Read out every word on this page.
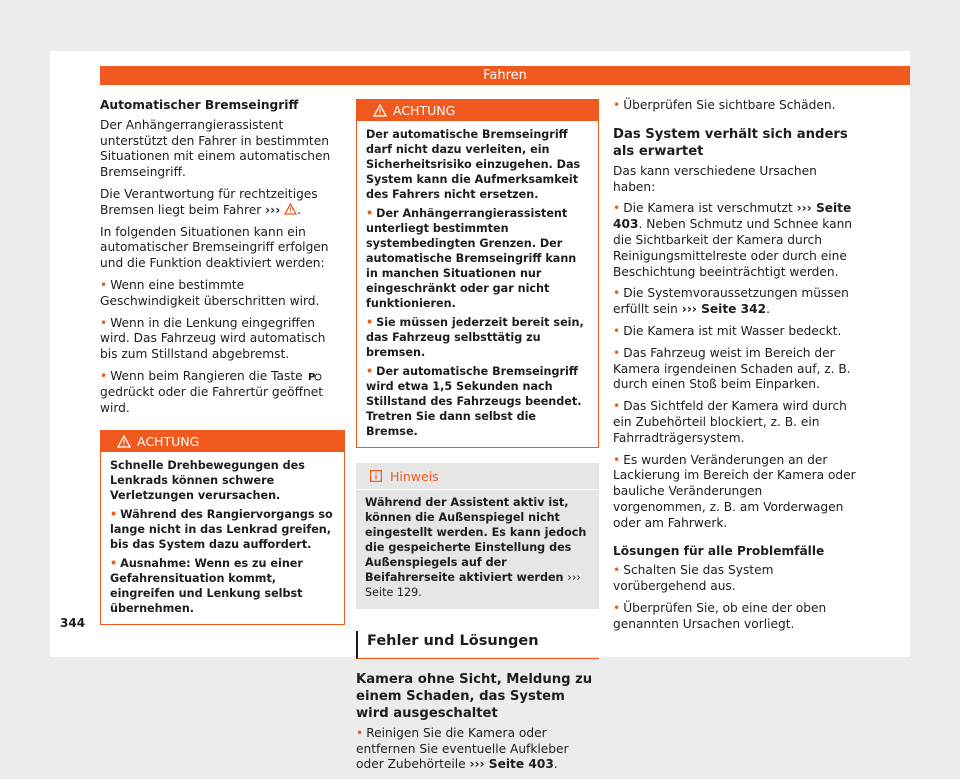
Fahren

Automatischer Bremseingriff

Der Anhängerrangierassistent unterstützt den Fahrer in bestimmten Situationen mit einem automatischen Bremseingriff.

Die Verantwortung für rechtzeitiges Bremsen liegt beim Fahrer ››› .

In folgenden Situationen kann ein automatischer Bremseingriff erfolgen und die Funktion deaktiviert werden:

• Wenn eine bestimmte Geschwindigkeit überschritten wird.

• Wenn in die Lenkung eingegriffen wird. Das Fahrzeug wird automatisch bis zum Stillstand abgebremst.

• Wenn beim Rangieren die Taste P
gedrückt oder die Fahrertür geöffnet wird.

ACHTUNG

Schnelle Drehbewegungen des Lenkrads können schwere Verletzungen verursachen.

• Während des Rangiervorgangs so lange nicht in das Lenkrad greifen, bis das System dazu auffordert.

• Ausnahme: Wenn es zu einer Gefahrensituation kommt, eingreifen und Lenkung selbst übernehmen.

ACHTUNG

Der automatische Bremseingriff darf nicht dazu verleiten, ein Sicherheitsrisiko einzugehen. Das System kann die Aufmerksamkeit des Fahrers nicht ersetzen.

• Der Anhängerrangierassistent unterliegt bestimmten systembedingten Grenzen. Der automatische Bremseingriff kann in manchen Situationen nur eingeschränkt oder gar nicht funktionieren.

• Sie müssen jederzeit bereit sein, das Fahrzeug selbsttätig zu bremsen.

• Der automatische Bremseingriff wird etwa 1,5 Sekunden nach Stillstand des Fahrzeugs beendet. Tretren Sie dann selbst die Bremse.

Hinweis
Während der Assistent aktiv ist, können die Außenspiegel nicht eingestellt werden. Es kann jedoch die gespeicherte Einstellung des Außenspiegels auf der Beifahrerseite aktiviert werden ››› Seite 129.
Fehler und Lösungen

Kamera ohne Sicht, Meldung zu einem Schaden, das System wird ausgeschaltet

• Reinigen Sie die Kamera oder entfernen Sie eventuelle Aufkleber oder Zubehörteile ››› Seite 403.

• Überprüfen Sie sichtbare Schäden.

Das System verhält sich anders als erwartet

Das kann verschiedene Ursachen haben:

• Die Kamera ist verschmutzt ››› Seite 403. Neben Schmutz und Schnee kann die Sichtbarkeit der Kamera durch Reinigungsmittelreste oder durch eine Beschichtung beeinträchtigt werden.

• Die Systemvoraussetzungen müssen erfüllt sein ››› Seite 342.

• Die Kamera ist mit Wasser bedeckt.

• Das Fahrzeug weist im Bereich der Kamera irgendeinen Schaden auf, z. B. durch einen Stoß beim Einparken.

• Das Sichtfeld der Kamera wird durch ein Zubehörteil blockiert, z. B. ein Fahrradträgersystem.

• Es wurden Veränderungen an der Lackierung im Bereich der Kamera oder bauliche Veränderungen vorgenommen, z. B. am Vorderwagen oder am Fahrwerk.

Lösungen für alle Problemfälle

• Schalten Sie das System vorübergehend aus.

• Überprüfen Sie, ob eine der oben genannten Ursachen vorliegt.

344
